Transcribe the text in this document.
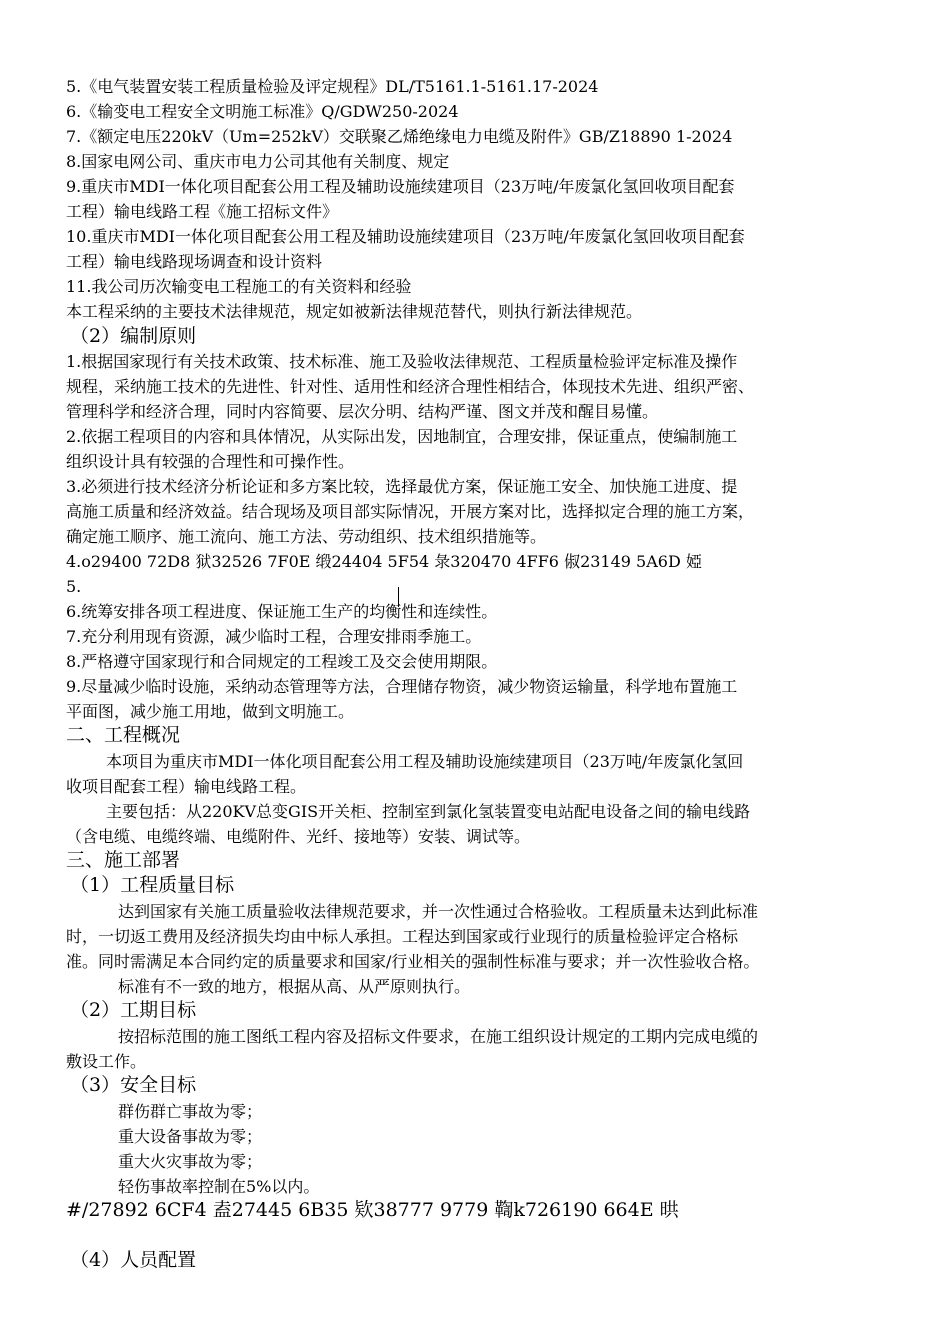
5.《电气装置安装工程质量检验及评定规程》DL/T5161.1-5161.17-2024
6.《输变电工程安全文明施工标准》Q/GDW250-2024
7.《额定电压220kV（Um=252kV）交联聚乙烯绝缘电力电缆及附件》GB/Z18890 1-2024
8.国家电网公司、重庆市电力公司其他有关制度、规定
9.重庆市MDI一体化项目配套公用工程及辅助设施续建项目（23万吨/年废氯化氢回收项目配套
工程）输电线路工程《施工招标文件》
10.重庆市MDI一体化项目配套公用工程及辅助设施续建项目（23万吨/年废氯化氢回收项目配套
工程）输电线路现场调查和设计资料
11.我公司历次输变电工程施工的有关资料和经验
本工程采纳的主要技术法律规范，规定如被新法律规范替代，则执行新法律规范。
（2）编制原则
1.根据国家现行有关技术政策、技术标准、施工及验收法律规范、工程质量检验评定标准及操作
规程，采纳施工技术的先进性、针对性、适用性和经济合理性相结合，体现技术先进、组织严密、
管理科学和经济合理，同时内容简要、层次分明、结构严谨、图文并茂和醒目易懂。
2.依据工程项目的内容和具体情况，从实际出发，因地制宜，合理安排，保证重点，使编制施工
组织设计具有较强的合理性和可操作性。
3.必须进行技术经济分析论证和多方案比较，选择最优方案，保证施工安全、加快施工进度、提
高施工质量和经济效益。结合现场及项目部实际情况，开展方案对比，选择拟定合理的施工方案，
确定施工顺序、施工流向、施工方法、劳动组织、技术组织措施等。
4.o29400 72D8 狱32526 7F0E 缎24404 5F54 彔320470 4FF6 俶23149 5A6D 婭
5.
6.统筹安排各项工程进度、保证施工生产的均衡性和连续性。
7.充分利用现有资源，减少临时工程，合理安排雨季施工。
8.严格遵守国家现行和合同规定的工程竣工及交会使用期限。
9.尽量减少临时设施，采纳动态管理等方法，合理储存物资，减少物资运输量，科学地布置施工
平面图，减少施工用地，做到文明施工。
二、工程概况
本项目为重庆市MDI一体化项目配套公用工程及辅助设施续建项目（23万吨/年废氯化氢回
收项目配套工程）输电线路工程。
主要包括：从220KV总变GIS开关柜、控制室到氯化氢装置变电站配电设备之间的输电线路
（含电缆、电缆终端、电缆附件、光纤、接地等）安装、调试等。
三、施工部署
（1）工程质量目标
达到国家有关施工质量验收法律规范要求，并一次性通过合格验收。工程质量未达到此标准
时，一切返工费用及经济损失均由中标人承担。工程达到国家或行业现行的质量检验评定合格标
准。同时需满足本合同约定的质量要求和国家/行业相关的强制性标准与要求；并一次性验收合格。
标准有不一致的地方，根据从高、从严原则执行。
（2）工期目标
按招标范围的施工图纸工程内容及招标文件要求，在施工组织设计规定的工期内完成电缆的
敷设工作。
（3）安全目标
群伤群亡事故为零；
重大设备事故为零；
重大火灾事故为零；
轻伤事故率控制在5%以内。
#/27892 6CF4 盍27445 6B35 欵38777 9779 鞫k726190 664E 晎
（4）人员配置
